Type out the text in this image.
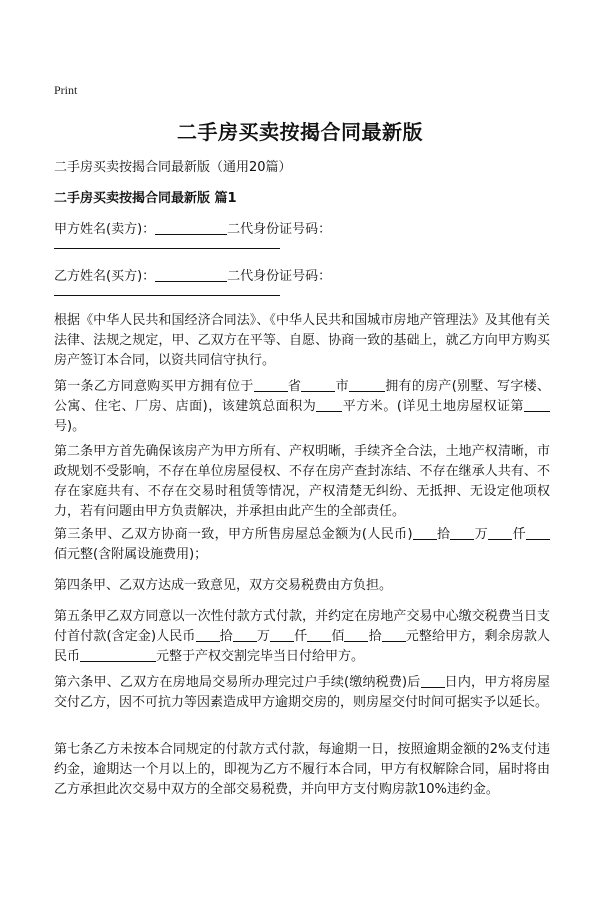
Print
二手房买卖按揭合同最新版
二手房买卖按揭合同最新版（通用20篇）
二手房买卖按揭合同最新版 篇1
甲方姓名(卖方)：	二代身份证号码：
乙方姓名(买方)：	二代身份证号码：
根据《中华人民共和国经济合同法》、《中华人民共和国城市房地产管理法》及其他有关法律、法规之规定，甲、乙双方在平等、自愿、协商一致的基础上，就乙方向甲方购买房产签订本合同，以资共同信守执行。
第一条乙方同意购买甲方拥有位于	省	市	拥有的房产(别墅、写字楼、公寓、住宅、厂房、店面)，该建筑总面积为 平方米。(详见土地房屋权证第号)。
第二条甲方首先确保该房产为甲方所有、产权明晰，手续齐全合法，土地产权清晰，市政规划不受影响，不存在单位房屋侵权、不存在房产查封冻结、不存在继承人共有、不存在家庭共有、不存在交易时租赁等情况，产权清楚无纠纷、无抵押、无设定他项权力，若有问题由甲方负责解决，并承担由此产生的全部责任。
第三条甲、乙双方协商一致，甲方所售房屋总金额为(人民币) 拾 万 仟佰元整(含附属设施费用)；
第四条甲、乙双方达成一致意见，双方交易税费由方负担。
第五条甲乙双方同意以一次性付款方式付款，并约定在房地产交易中心缴交税费当日支付首付款(含定金)人民币 拾 万 仟 佰 拾 元整给甲方，剩余房款人民币	元整于产权交割完毕当日付给甲方。
第六条甲、乙双方在房地局交易所办理完过户手续(缴纳税费)后 日内，甲方将房屋交付乙方，因不可抗力等因素造成甲方逾期交房的，则房屋交付时间可据实予以延长。
第七条乙方未按本合同规定的付款方式付款，每逾期一日，按照逾期金额的2%支付违约金，逾期达一个月以上的，即视为乙方不履行本合同，甲方有权解除合同，届时将由乙方承担此次交易中双方的全部交易税费，并向甲方支付购房款10%违约金。
